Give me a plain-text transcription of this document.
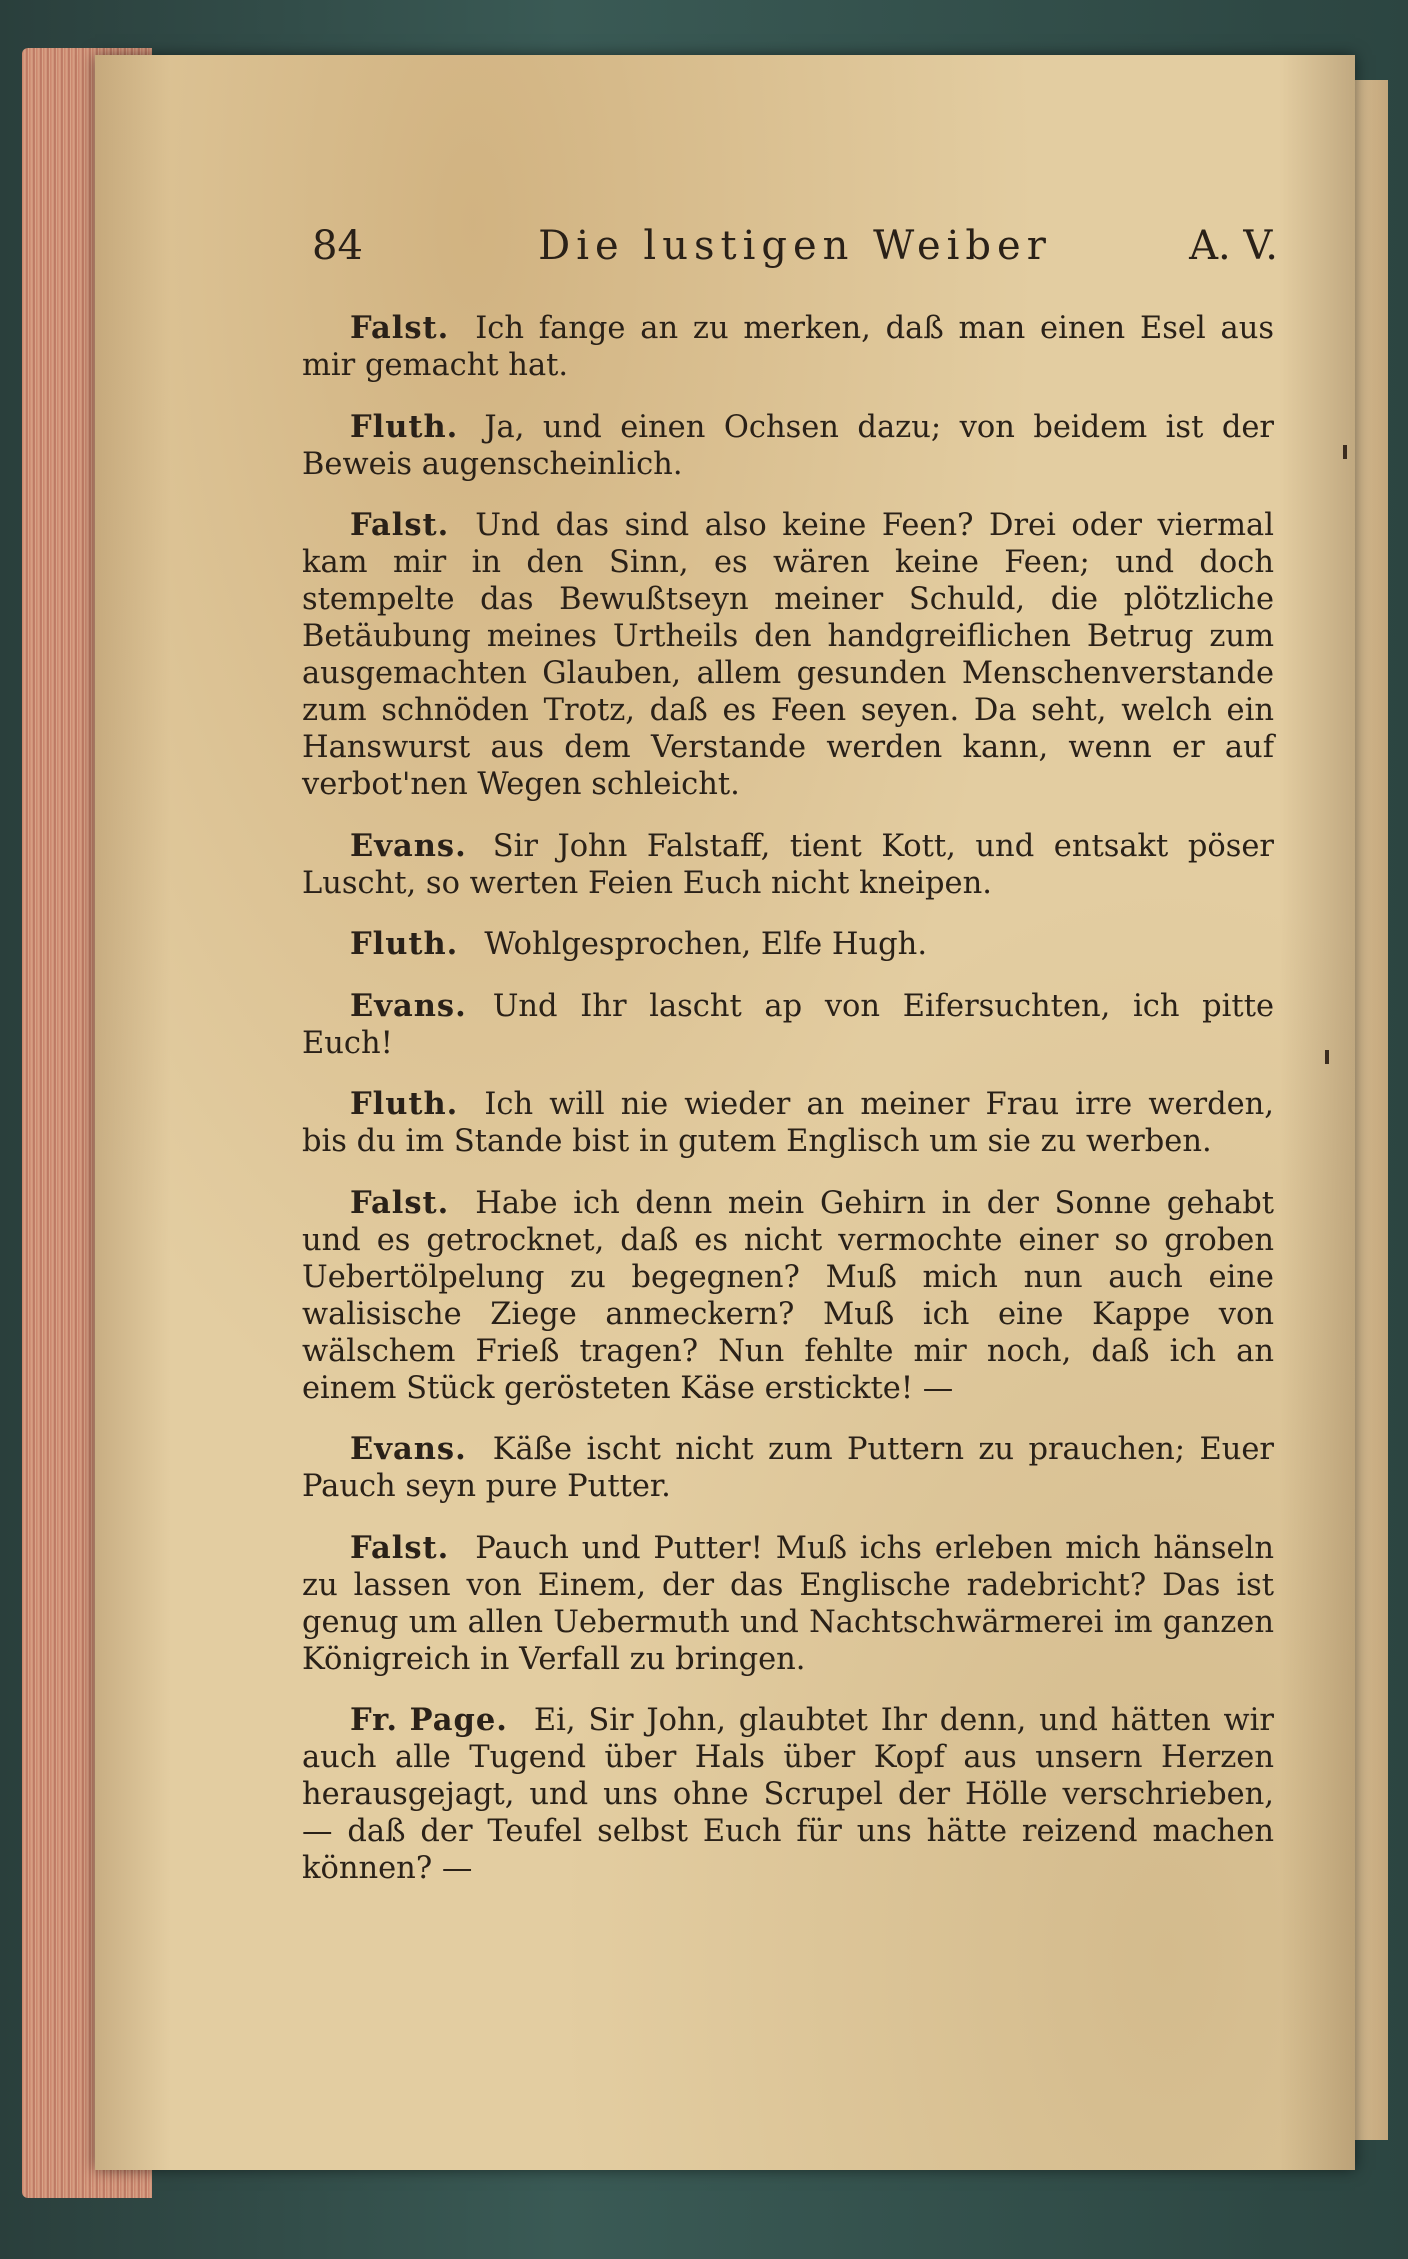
84	Die lustigen Weiber	A. V.

Falst. Ich fange an zu merken, daß man einen Esel aus mir gemacht hat.

Fluth. Ja, und einen Ochsen dazu; von beidem ist der Beweis augenscheinlich.

Falst. Und das sind also keine Feen? Drei oder viermal kam mir in den Sinn, es wären keine Feen; und doch stempelte das Bewußtseyn meiner Schuld, die plötzliche Betäubung meines Urtheils den handgreiflichen Betrug zum ausgemachten Glauben, allem gesunden Menschenverstande zum schnöden Trotz, daß es Feen seyen. Da seht, welch ein Hanswurst aus dem Verstande werden kann, wenn er auf verbot'nen Wegen schleicht.

Evans. Sir John Falstaff, tient Kott, und entsakt pöser Luscht, so werten Feien Euch nicht kneipen.

Fluth. Wohlgesprochen, Elfe Hugh.

Evans. Und Ihr lascht ap von Eifersuchten, ich pitte Euch!

Fluth. Ich will nie wieder an meiner Frau irre werden, bis du im Stande bist in gutem Englisch um sie zu werben.

Falst. Habe ich denn mein Gehirn in der Sonne gehabt und es getrocknet, daß es nicht vermochte einer so groben Uebertölpelung zu begegnen? Muß mich nun auch eine walisische Ziege anmeckern? Muß ich eine Kappe von wälschem Frieß tragen? Nun fehlte mir noch, daß ich an einem Stück gerösteten Käse erstickte! —

Evans. Käße ischt nicht zum Puttern zu prauchen; Euer Pauch seyn pure Putter.

Falst. Pauch und Putter! Muß ichs erleben mich hänseln zu lassen von Einem, der das Englische radebricht? Das ist genug um allen Uebermuth und Nachtschwärmerei im ganzen Königreich in Verfall zu bringen.

Fr. Page. Ei, Sir John, glaubtet Ihr denn, und hätten wir auch alle Tugend über Hals über Kopf aus unsern Herzen herausgejagt, und uns ohne Scrupel der Hölle verschrieben, — daß der Teufel selbst Euch für uns hätte reizend machen können? —
